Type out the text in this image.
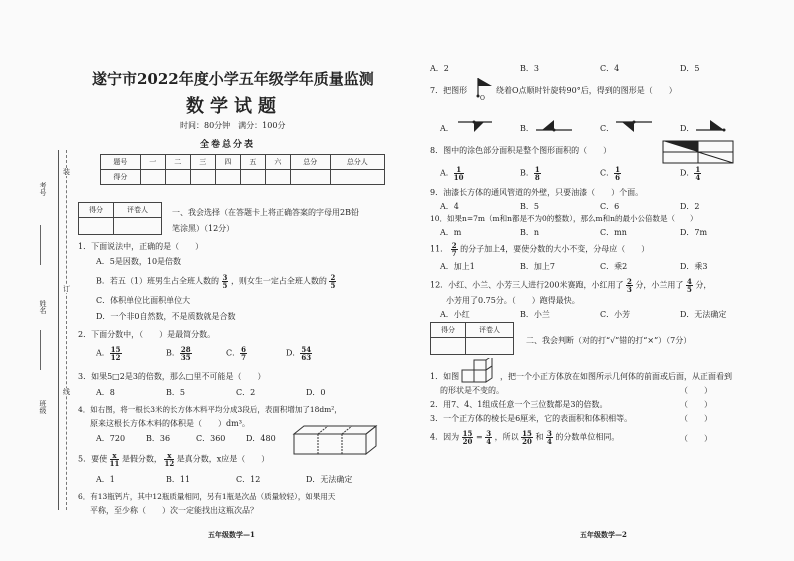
考号
姓名
班级
装
订
线
遂宁市2022年度小学五年级学年质量监测
数学试题
时间：80分钟　满分：100分
全卷总分表
题号	一	二	三	四	五	六	总分	总分人
得分								
得分	评卷人
		一、我会选择（在答题卡上将正确答案的字母用2B铅
笔涂黑）（12分）
1．下面说法中，正确的是（　　）
A．5是因数，10是倍数
B．若五（1）班男生占全班人数的 $\frac{3}{5}$ ，则女生一定占全班人数的 $\frac{2}{5}$
C．体积单位比面积单位大
D．一个非0自然数，不是质数就是合数
2．下面分数中，（　　）是最简分数。
A． $\frac{15}{12}$	B． $\frac{28}{35}$	C． $\frac{6}{7}$	D． $\frac{54}{63}$
3．如果5□2是3的倍数，那么□里不可能是（　　）
A．8	B．5	C．2	D．0
4．如右图，将一根长3米的长方体木料平均分成3段后，表面积增加了18dm²，
原来这根长方体木料的体积是（　　）dm³。
A．720	B．36	C．360	D．480
5．要使 $\frac{x}{11}$ 是假分数， $\frac{x}{12}$ 是真分数，x应是（　　）
A．1	B．11	C．12	D．无法确定
6．有13瓶钙片，其中12瓶质量相同，另有1瓶是次品（质量较轻），如果用天
平称，至少称（　　）次一定能找出这瓶次品？
五年级数学—1
A．2	B．3	C．4	D．5
7．把图形
O
绕着O点顺时针旋转90°后，得到的图形是（　　）
A．	B．	C．	D．
8．图中的涂色部分面积是整个图形面积的（　　）
A． $\frac{1}{10}$	B． $\frac{1}{8}$	C． $\frac{1}{6}$	D． $\frac{1}{4}$
9．油漆长方体的通风管道的外壁，只要油漆（　　）个面。
A．4	B．5	C．6	D．2
10．如果n=7m（m和n都是不为0的整数），那么m和n的最小公倍数是（　　）
A．m	B．n	C．mn	D．7m
11． $\frac{2}{7}$ 的分子加上4，要使分数的大小不变，分母应（　　）
A．加上1	B．加上7	C．乘2	D．乘3
12．小红、小兰、小芳三人进行200米赛跑，小红用了 $\frac{2}{3}$ 分，小兰用了 $\frac{4}{5}$ 分，
小芳用了0.75分。（　　）跑得最快。
A．小红	B．小兰	C．小芳	D．无法确定
得分	评卷人

二、我会判断（对的打“√”错的打“×”）（7分）
1．如图	，把一个小正方体放在如图所示几何体的前面或后面，从正面看到
的形状是不变的。	（　　）
2．用7、4、1组成任意一个三位数都是3的倍数。	（　　）
3．一个正方体的棱长是6厘米，它的表面积和体积相等。	（　　）
4．因为 $\frac{15}{20} = \frac{3}{4}$ ，所以 $\frac{15}{20}$ 和 $\frac{3}{4}$ 的分数单位相同。	（　　）
五年级数学—2
